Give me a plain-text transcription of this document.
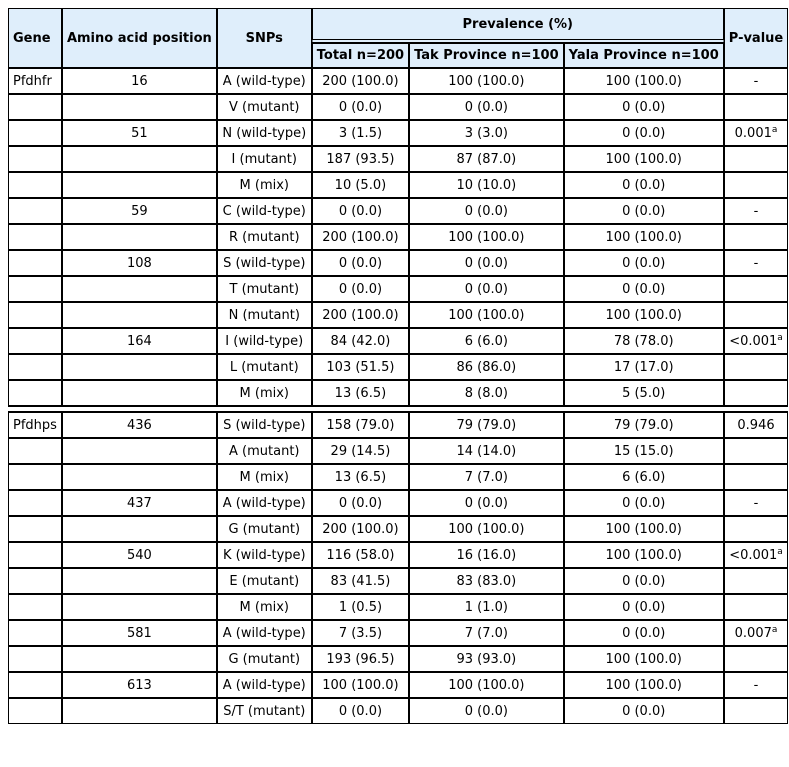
Gene	Amino acid position	SNPs	Prevalence (%)			P-value
			Total n=200	Tak Province n=100	Yala Province n=100	
Pfdhfr	16	A (wild-type)	200 (100.0)	100 (100.0)	100 (100.0)	-
		V (mutant)	0 (0.0)	0 (0.0)	0 (0.0)	
	51	N (wild-type)	3 (1.5)	3 (3.0)	0 (0.0)	0.001$^a$
		I (mutant)	187 (93.5)	87 (87.0)	100 (100.0)	
		M (mix)	10 (5.0)	10 (10.0)	0 (0.0)	
	59	C (wild-type)	0 (0.0)	0 (0.0)	0 (0.0)	-
		R (mutant)	200 (100.0)	100 (100.0)	100 (100.0)	
	108	S (wild-type)	0 (0.0)	0 (0.0)	0 (0.0)	-
		T (mutant)	0 (0.0)	0 (0.0)	0 (0.0)	
		N (mutant)	200 (100.0)	100 (100.0)	100 (100.0)	
	164	I (wild-type)	84 (42.0)	6 (6.0)	78 (78.0)	<0.001$^a$
		L (mutant)	103 (51.5)	86 (86.0)	17 (17.0)	
		M (mix)	13 (6.5)	8 (8.0)	5 (5.0)	

Pfdhps	436	S (wild-type)	158 (79.0)	79 (79.0)	79 (79.0)	0.946
		A (mutant)	29 (14.5)	14 (14.0)	15 (15.0)	
		M (mix)	13 (6.5)	7 (7.0)	6 (6.0)	
	437	A (wild-type)	0 (0.0)	0 (0.0)	0 (0.0)	-
		G (mutant)	200 (100.0)	100 (100.0)	100 (100.0)	
	540	K (wild-type)	116 (58.0)	16 (16.0)	100 (100.0)	<0.001$^a$
		E (mutant)	83 (41.5)	83 (83.0)	0 (0.0)	
		M (mix)	1 (0.5)	1 (1.0)	0 (0.0)	
	581	A (wild-type)	7 (3.5)	7 (7.0)	0 (0.0)	0.007$^a$
		G (mutant)	193 (96.5)	93 (93.0)	100 (100.0)	
	613	A (wild-type)	100 (100.0)	100 (100.0)	100 (100.0)	-
		S/T (mutant)	0 (0.0)	0 (0.0)	0 (0.0)	
